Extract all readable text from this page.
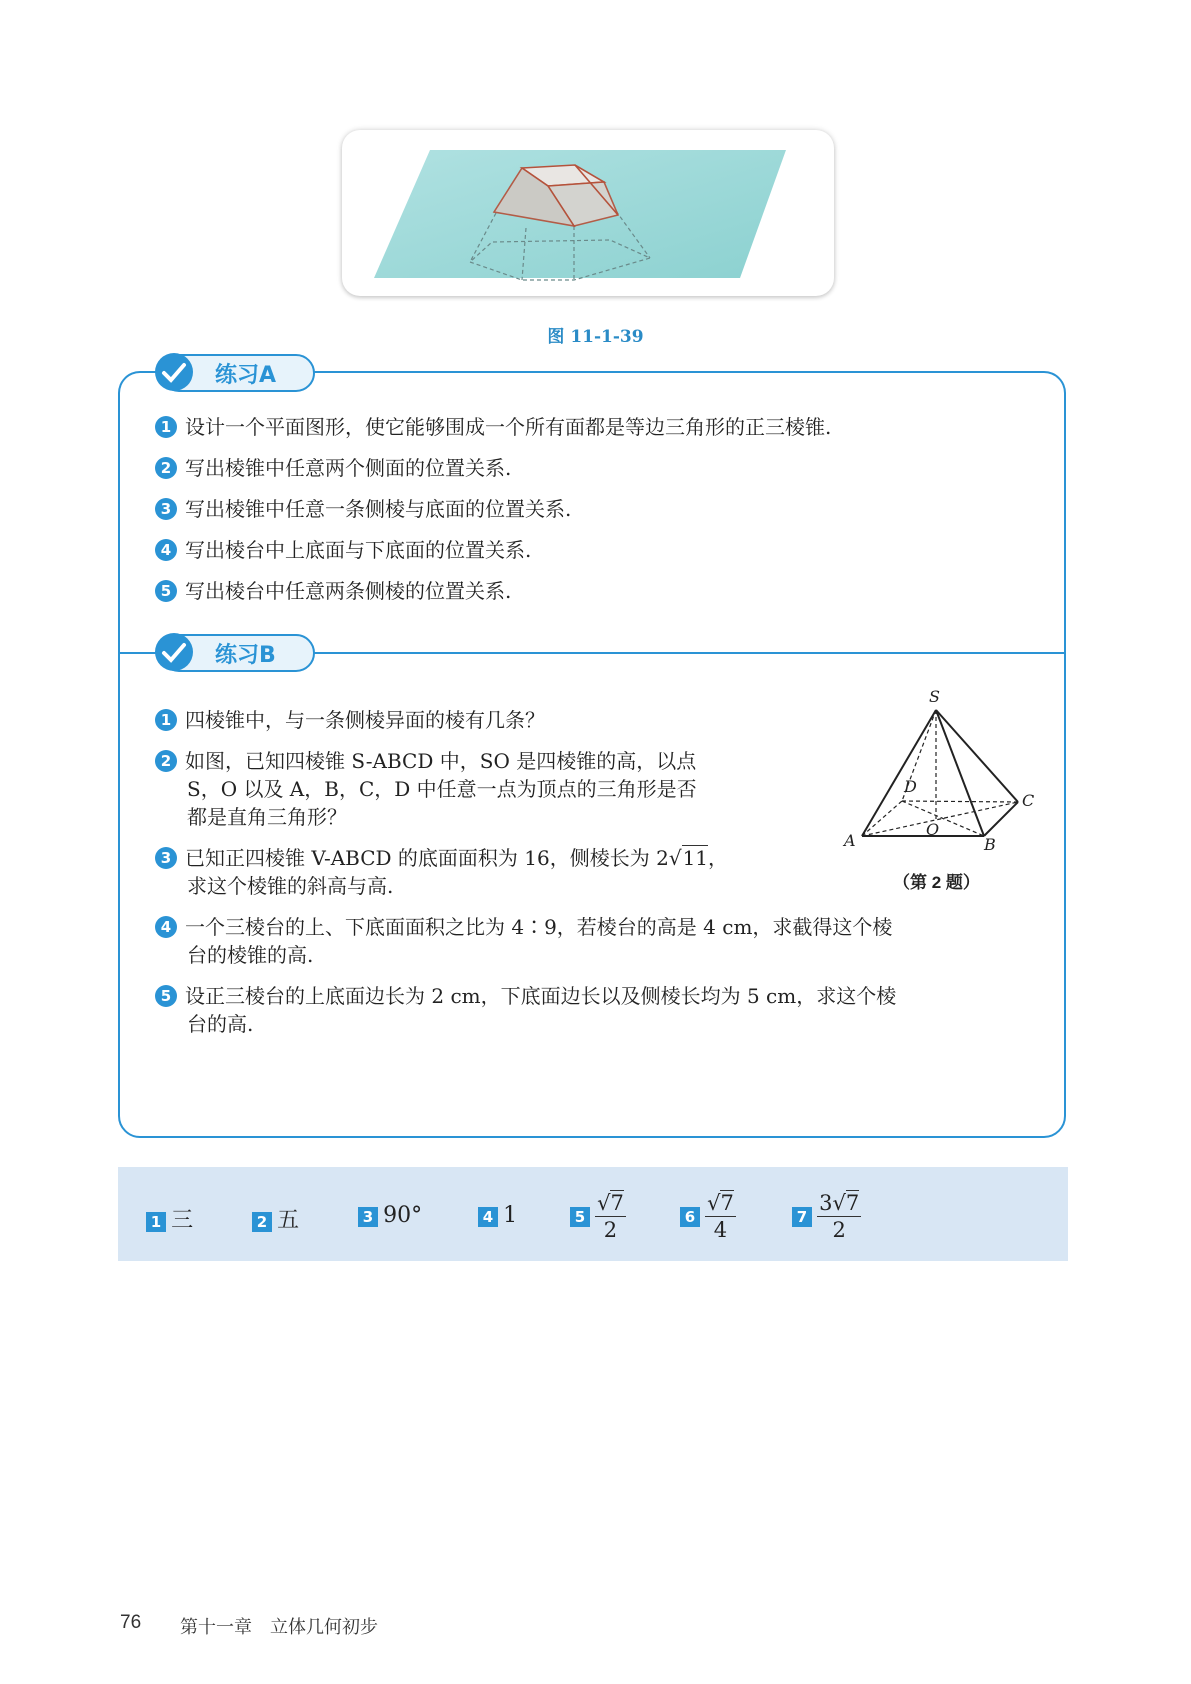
图 11-1-39
练习A
1 设计一个平面图形，使它能够围成一个所有面都是等边三角形的正三棱锥.
2 写出棱锥中任意两个侧面的位置关系.
3 写出棱锥中任意一条侧棱与底面的位置关系.
4 写出棱台中上底面与下底面的位置关系.
5 写出棱台中任意两条侧棱的位置关系.
练习B
1 四棱锥中，与一条侧棱异面的棱有几条？
2 如图，已知四棱锥 S-ABCD 中，SO 是四棱锥的高，以点
S，O 以及 A，B，C，D 中任意一点为顶点的三角形是否
都是直角三角形？
3 已知正四棱锥 V-ABCD 的底面面积为 16，侧棱长为 2√11，
求这个棱锥的斜高与高.
4 一个三棱台的上、下底面面积之比为 4∶9，若棱台的高是 4 cm，求截得这个棱
台的棱锥的高.
5 设正三棱台的上底面边长为 2 cm，下底面边长以及侧棱长均为 5 cm，求这个棱
台的高.
S
D
C
A
O
B
（第 2 题）
1 三	2 五	3 90°	4 1	$5 \frac{√7}{2}$	$6 \frac{√7}{4}$	$7 \frac{3√7}{2}$
76 第十一章　立体几何初步
